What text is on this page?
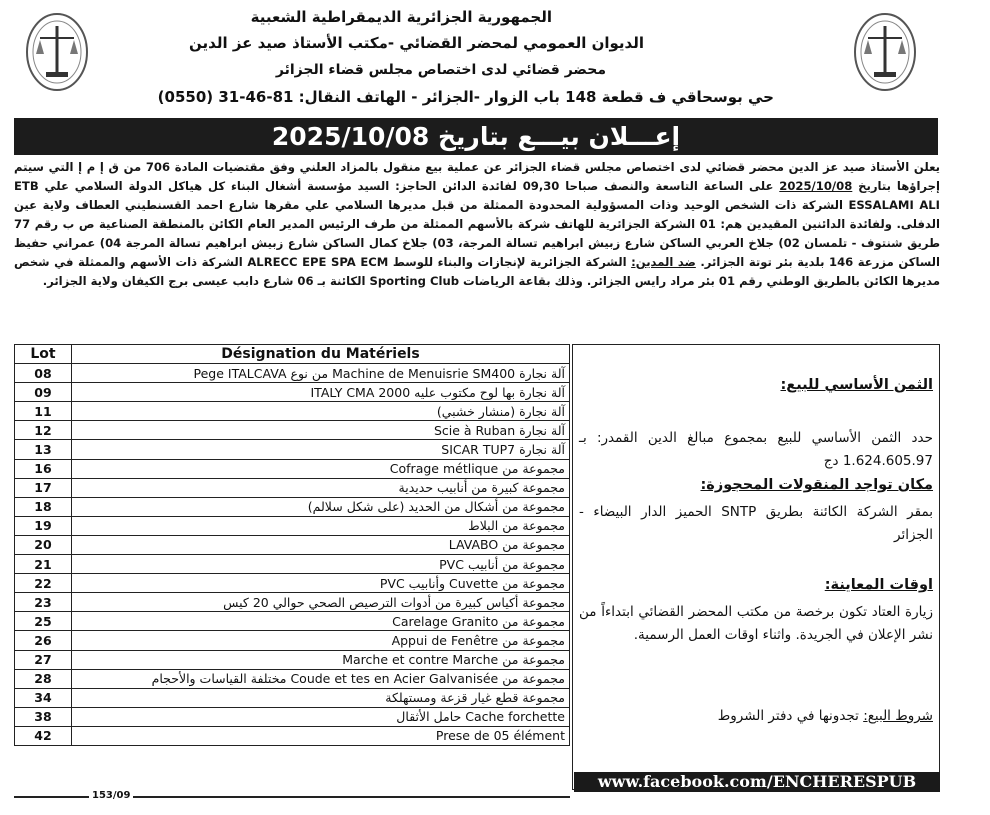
الجمهورية الجزائرية الديمقراطية الشعبية
الديوان العمومي لمحضر القضائي -مكتب الأستاذ صيد عز الدين
محضر قضائي لدى اختصاص مجلس قضاء الجزائر
حي بوسحاقي ف قطعة 148 باب الزوار -الجزائر - الهاتف النقال: 81-46-31 (0550)
إعـــلان بيـــع بتاريخ 2025/10/08
يعلن الأستاذ صيد عز الدين محضر قضائي لدى اختصاص مجلس قضاء الجزائر عن عملية بيع منقول بالمزاد العلني وفق مقتضيات المادة 706 من ق إ م إ التي سيتم إجراؤها بتاريخ 2025/10/08 على الساعة التاسعة والنصف صباحا 09,30 لفائدة الدائن الحاجز: السيد مؤسسة أشغال البناء كل هياكل الدولة السلامي علي ETB ESSALAMI ALI الشركة ذات الشخص الوحيد وذات المسؤولية المحدودة الممثلة من قبل مديرها السلامي علي مقرها شارع احمد القسنطيني العطاف ولاية عين الدفلى. ولفائدة الدائنين المقيدين هم: 01 الشركة الجزائرية للهاتف شركة بالأسهم الممثلة من طرف الرئيس المدير العام الكائن بالمنطقة الصناعية ص ب رقم 77 طريق شنتوف - تلمسان 02) جلاخ العربي الساكن شارع زبيش ابراهيم تسالة المرجة، 03) جلاخ كمال الساكن شارع زبيش ابراهيم تسالة المرجة 04) عمراني حفيظ الساكن مزرعة 146 بلدية بئر توتة الجزائر. ضد المدين: الشركة الجزائرية لإنجازات والبناء للوسط ALRECC EPE SPA ECM الشركة ذات الأسهم والممثلة في شخص مديرها الكائن بالطريق الوطني رقم 01 بئر مراد رايس الجزائر. وذلك بقاعة الرياضات Sporting Club الكائنة بـ 06 شارع دابب عيسى برج الكيفان ولاية الجزائر.
Lot	Désignation du Matériels
08	آلة نجارة Machine de Menuisrie SM400 من نوع Pege ITALCAVA
09	آلة نجارة بها لوح مكتوب عليه ITALY CMA 2000
11	آلة نجارة (منشار خشبي)
12	آلة نجارة Scie à Ruban
13	آلة نجارة SICAR TUP7
16	مجموعة من Cofrage métlique
17	مجموعة كبيرة من أنابيب حديدية
18	مجموعة من أشكال من الحديد (على شكل سلالم)
19	مجموعة من البلاط
20	مجموعة من LAVABO
21	مجموعة من أنابيب PVC
22	مجموعة من Cuvette وأنابيب PVC
23	مجموعة أكياس كبيرة من أدوات الترصيص الصحي حوالي 20 كيس
25	مجموعة من Carelage Granito
26	مجموعة من Appui de Fenêtre
27	مجموعة من Marche et contre Marche
28	مجموعة من Coude et tes en Acier Galvanisée مختلفة القياسات والأحجام
34	مجموعة قطع غيار قزعة ومستهلكة
38	Cache forchette حامل الأثقال
42	Prese de 05 élément
الثمن الأساسي للبيع:
حدد الثمن الأساسي للبيع بمجموع مبالغ الدين القمدر: بـ 1.624.605.97 دج
مكان تواجد المنقولات المحجوزة:
بمقر الشركة الكائنة بطريق SNTP الحميز الدار البيضاء - الجزائر
اوقات المعاينة:
زيارة العتاد تكون برخصة من مكتب المحضر القضائي ابتداءاً من نشر الإعلان في الجريدة. واثناء اوقات العمل الرسمية.
شروط البيع: تجدونها في دفتر الشروط
www.facebook.com/ENCHERESPUB
153/09
